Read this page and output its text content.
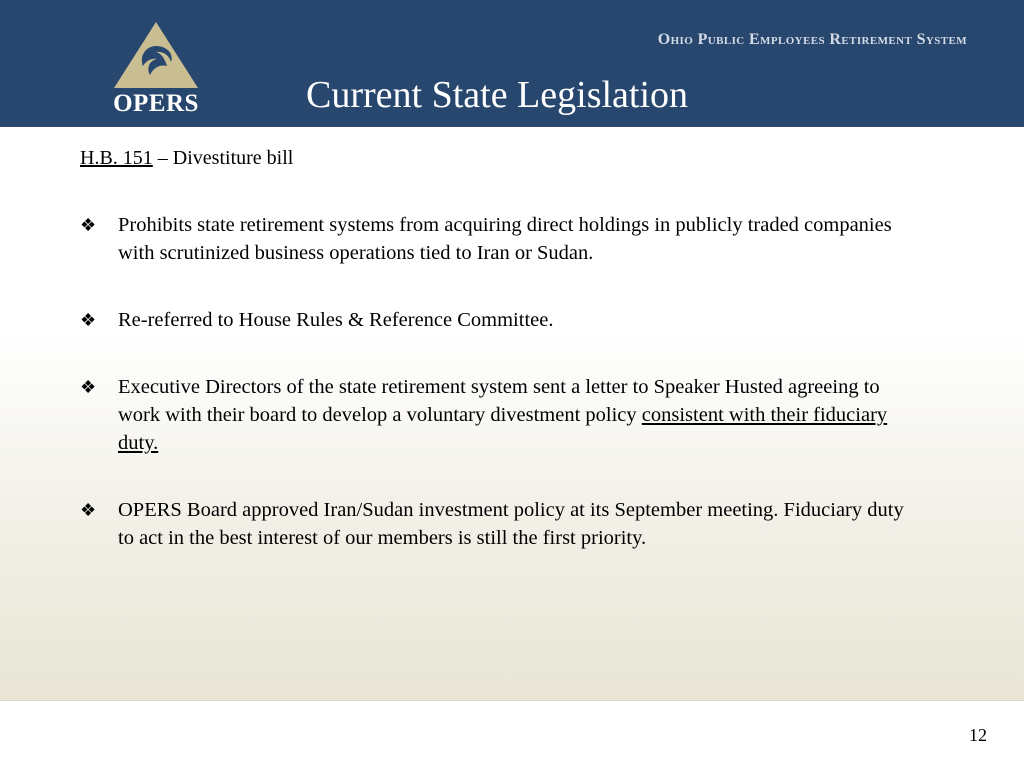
OPERS
Ohio Public Employees Retirement System
Current State Legislation

H.B. 151 – Divestiture bill

❖ Prohibits state retirement systems from acquiring direct holdings in publicly traded companies with scrutinized business operations tied to Iran or Sudan.
❖ Re-referred to House Rules & Reference Committee.
❖ Executive Directors of the state retirement system sent a letter to Speaker Husted agreeing to work with their board to develop a voluntary divestment policy consistent with their fiduciary duty.
❖ OPERS Board approved Iran/Sudan investment policy at its September meeting. Fiduciary duty to act in the best interest of our members is still the first priority.
12
